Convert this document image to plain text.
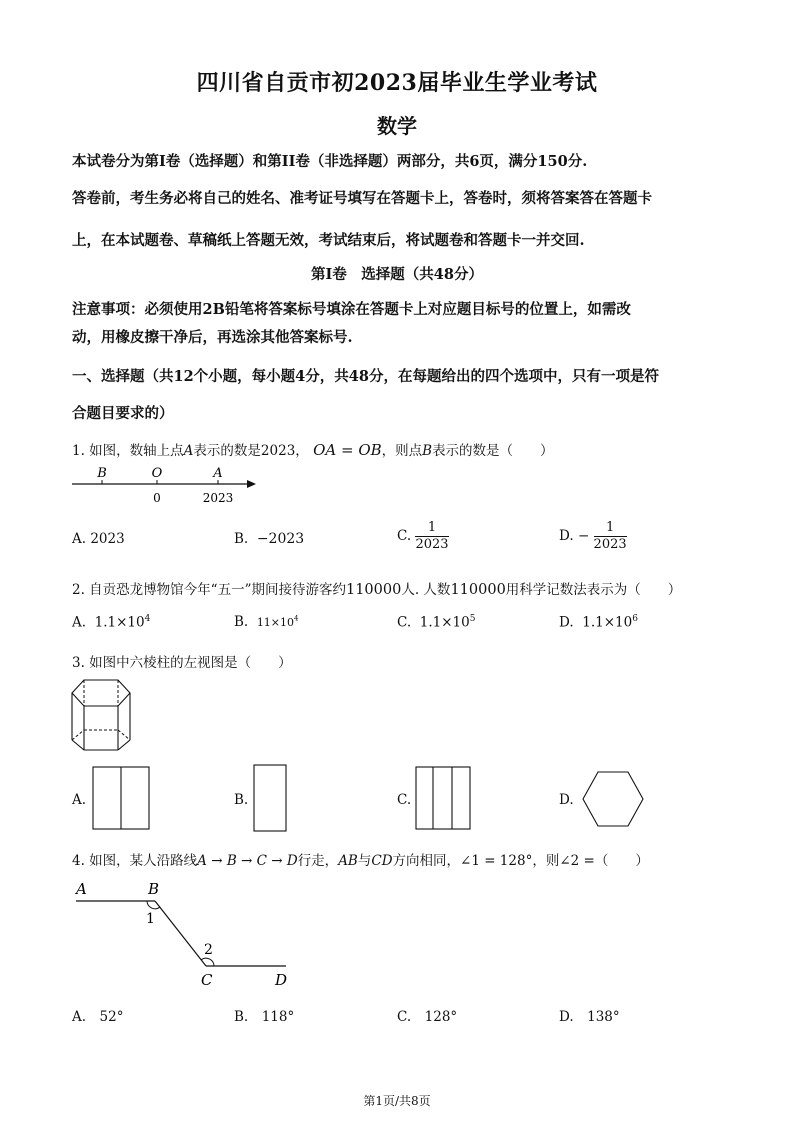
四川省自贡市初2023届毕业生学业考试
数学
本试卷分为第I卷（选择题）和第II卷（非选择题）两部分，共6页，满分150分.
答卷前，考生务必将自己的姓名、准考证号填写在答题卡上，答卷时，须将答案答在答题卡
上，在本试题卷、草稿纸上答题无效，考试结束后，将试题卷和答题卡一并交回.
第I卷　选择题（共48分）
注意事项：必须使用2B铅笔将答案标号填涂在答题卡上对应题目标号的位置上，如需改
动，用橡皮擦干净后，再选涂其他答案标号.
一、选择题（共12个小题，每小题4分，共48分，在每题给出的四个选项中，只有一项是符
合题目要求的）
1. 如图，数轴上点A表示的数是2023， OA = OB，则点B表示的数是（　　）
B	O	A
0	2023
A. 2023	B. −2023	C. $\frac{1}{2023}$	D. − $\frac{1}{2023}$
2. 自贡恐龙博物馆今年“五一”期间接待游客约110000人. 人数110000用科学记数法表示为（　　）
A. $1.1\times 10^4$	B. $11\times 10^4$	C. $1.1\times 10^5$	D. $1.1\times 10^6$
3. 如图中六棱柱的左视图是（　　）
A.	B.	C.	D.
4. 如图，某人沿路线A → B → C → D行走，AB与CD方向相同，∠1 = 128°，则∠2 =（　　）
A	B
C	D
1
2
A.　52°	B.　118°	C.　128°	D.　138°
第1页/共8页
